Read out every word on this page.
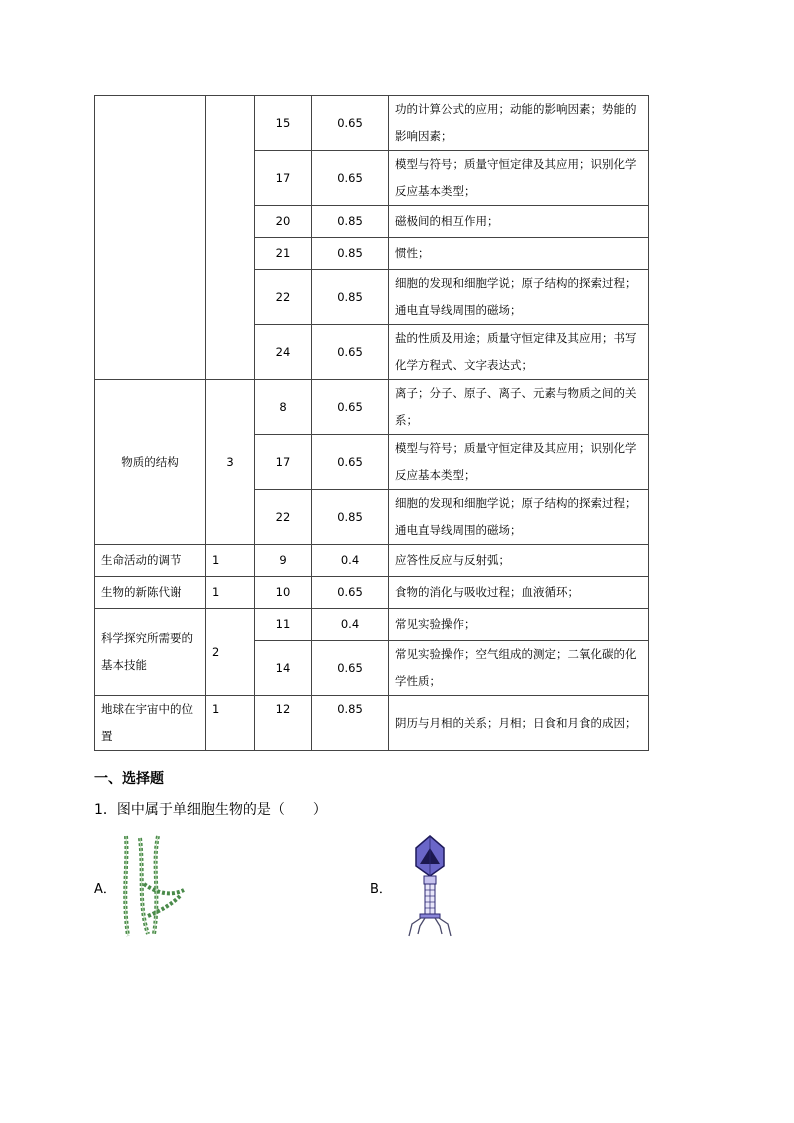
		15	0.65	功的计算公式的应用；动能的影响因素；势能的影响因素；
		17	0.65	模型与符号；质量守恒定律及其应用；识别化学反应基本类型；
		20	0.85	磁极间的相互作用；
		21	0.85	惯性；
		22	0.85	细胞的发现和细胞学说；原子结构的探索过程；通电直导线周围的磁场；
		24	0.65	盐的性质及用途；质量守恒定律及其应用；书写化学方程式、文字表达式；
物质的结构	3	8	0.65	离子；分子、原子、离子、元素与物质之间的关系；
		17	0.65	模型与符号；质量守恒定律及其应用；识别化学反应基本类型；
		22	0.85	细胞的发现和细胞学说；原子结构的探索过程；通电直导线周围的磁场；
生命活动的调节	1	9	0.4	应答性反应与反射弧；
生物的新陈代谢	1	10	0.65	食物的消化与吸收过程；血液循环；
科学探究所需要的基本技能	2	11	0.4	常见实验操作；
		14	0.65	常见实验操作；空气组成的测定；二氧化碳的化学性质；
地球在宇宙中的位置	1	12	0.85	阴历与月相的关系；月相；日食和月食的成因；
一、选择题
1．图中属于单细胞生物的是（　　）
A．	B．
